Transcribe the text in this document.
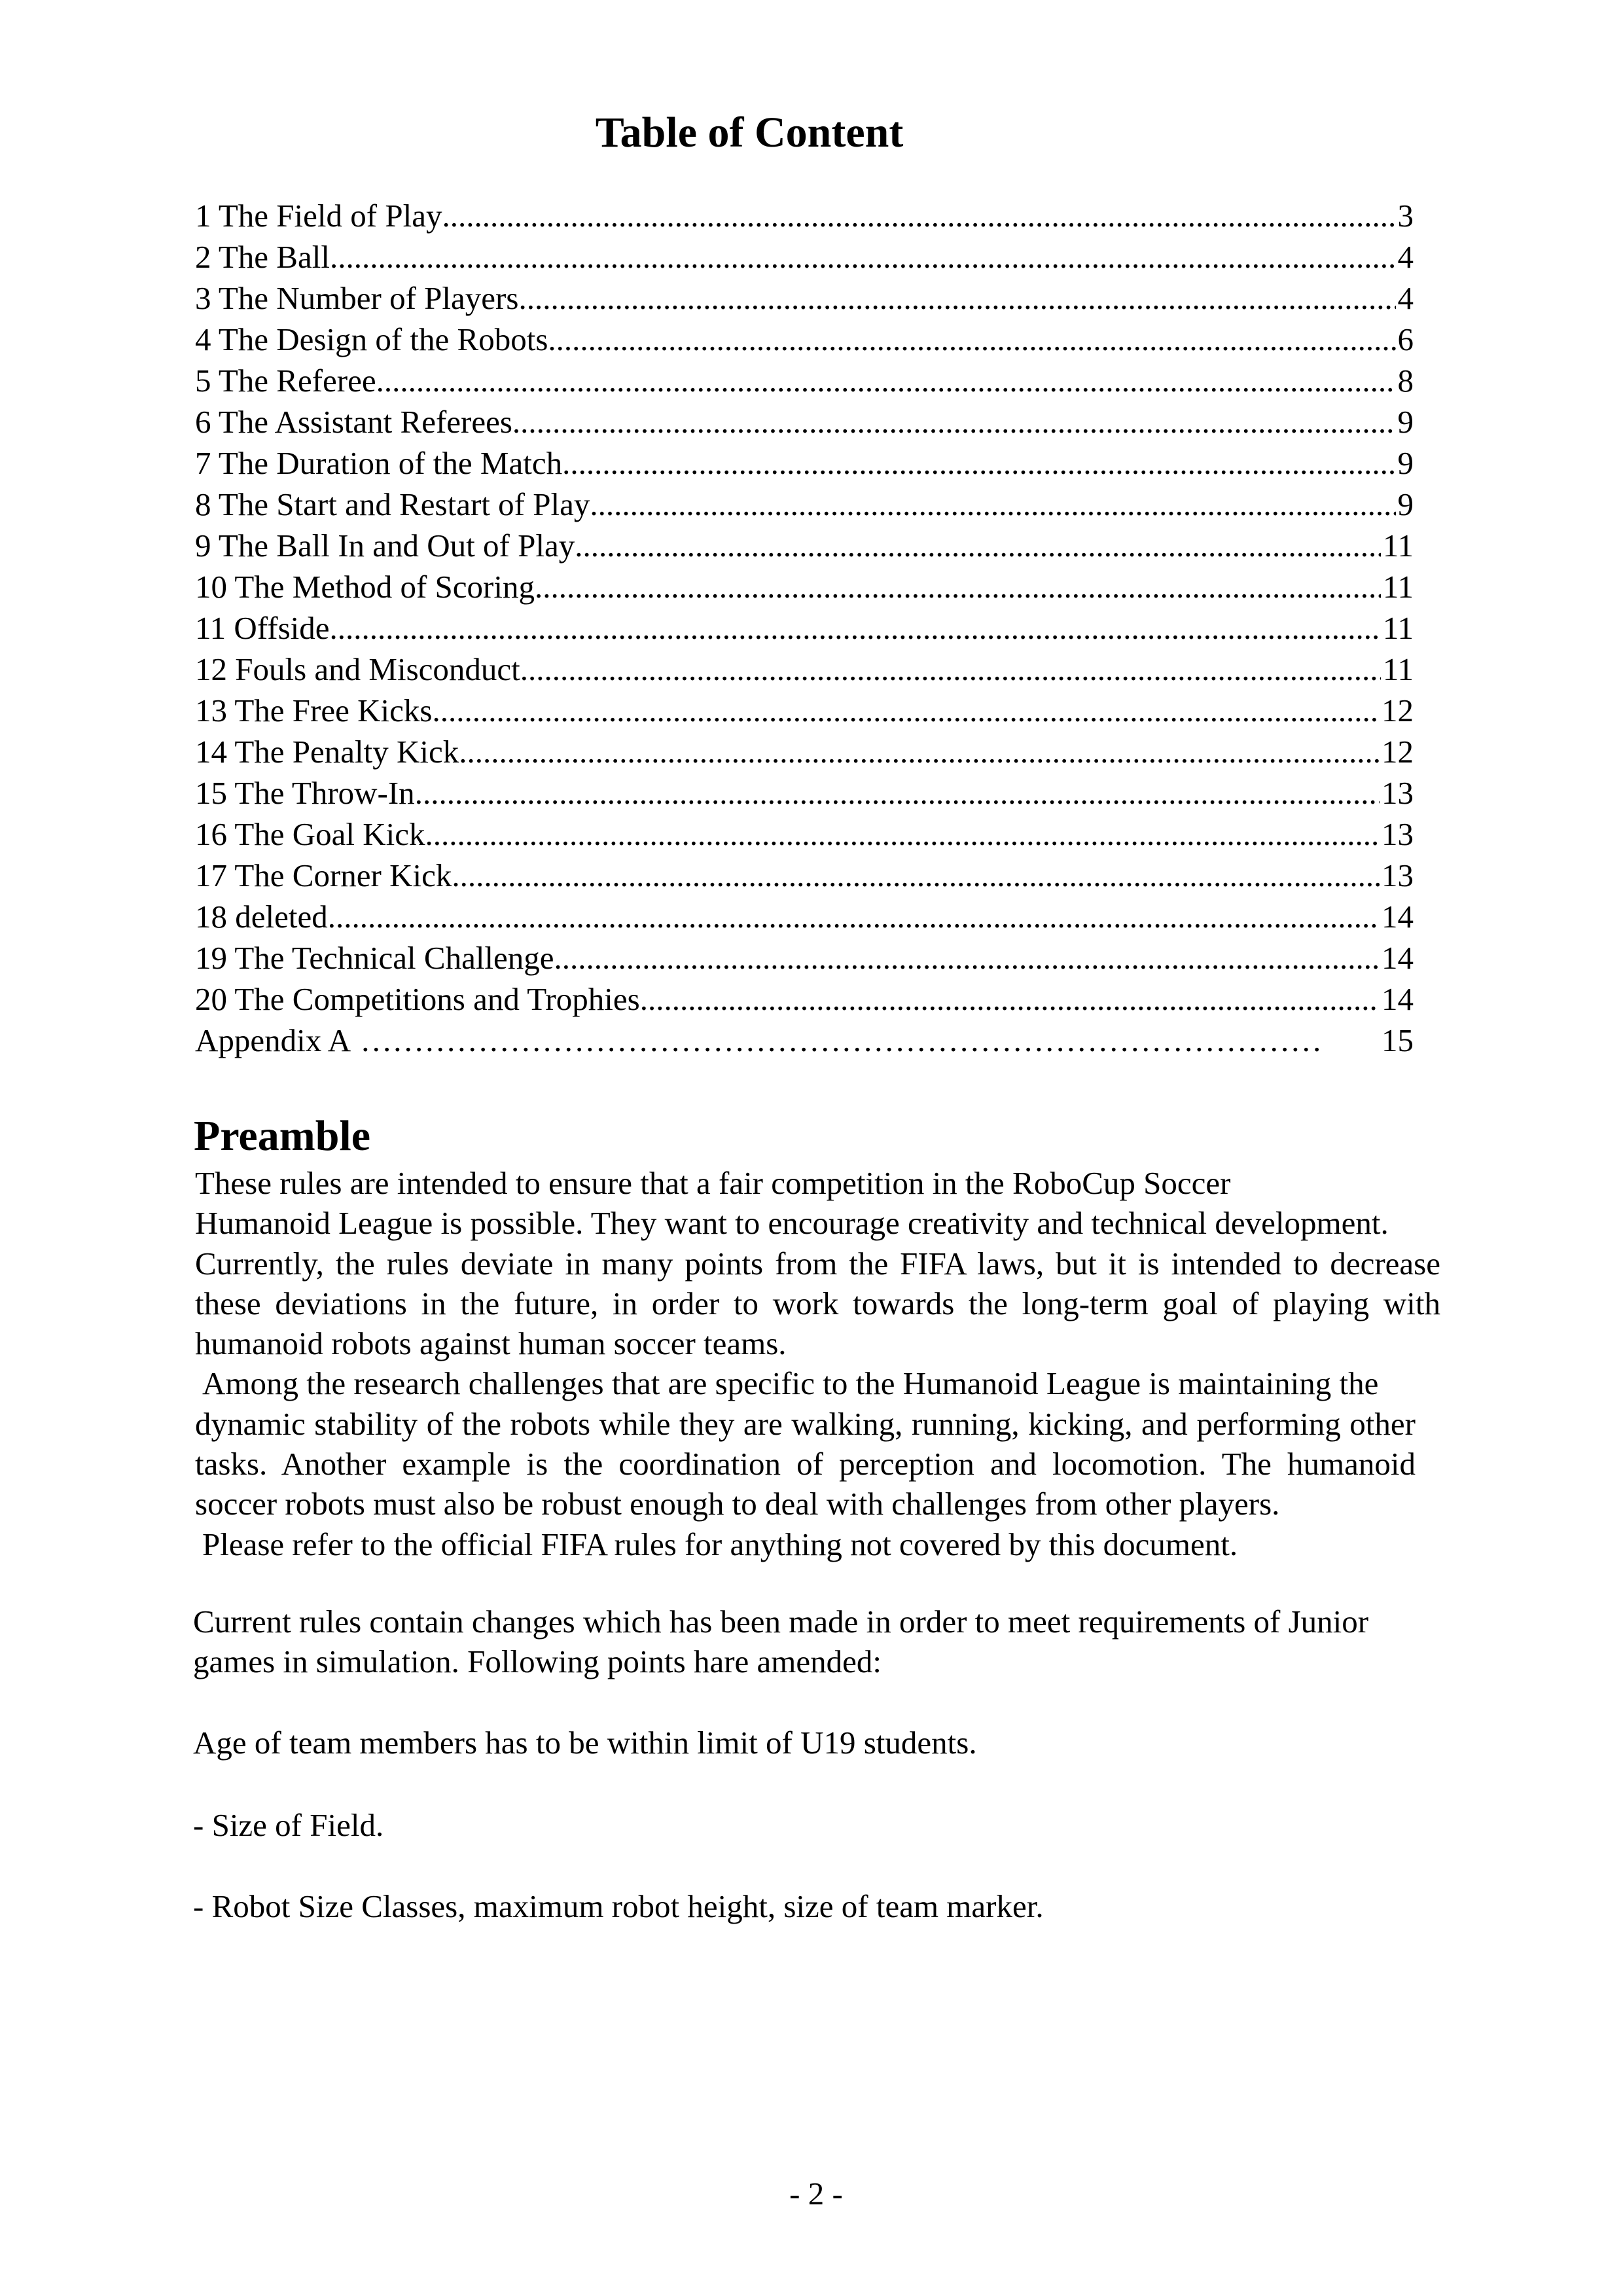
Table of Content
1 The Field of Play .....	3
2 The Ball .....	4
3 The Number of Players .....	4
4 The Design of the Robots .....	6
5 The Referee .....	8
6 The Assistant Referees .....	9
7 The Duration of the Match .....	9
8 The Start and Restart of Play .....	9
9 The Ball In and Out of Play .....	11
10 The Method of Scoring .....	11
11 Offside .....	11
12 Fouls and Misconduct .....	11
13 The Free Kicks .....	12
14 The Penalty Kick .....	12
15 The Throw-In .....	13
16 The Goal Kick .....	13
17 The Corner Kick .....	13
18 deleted .....	14
19 The Technical Challenge .....	14
20 The Competitions and Trophies .....	14
Appendix A ………………………………………………………………………………	15
Preamble
These rules are intended to ensure that a fair competition in the RoboCup Soccer
Humanoid League is possible. They want to encourage creativity and technical development.
Currently, the rules deviate in many points from the FIFA laws, but it is intended to decrease
these deviations in the future, in order to work towards the long-term goal of playing with
humanoid robots against human soccer teams.
Among the research challenges that are specific to the Humanoid League is maintaining the
dynamic stability of the robots while they are walking, running, kicking, and performing other
tasks. Another example is the coordination of perception and locomotion. The humanoid
soccer robots must also be robust enough to deal with challenges from other players.
Please refer to the official FIFA rules for anything not covered by this document.
Current rules contain changes which has been made in order to meet requirements of Junior
games in simulation. Following points hare amended:
Age of team members has to be within limit of U19 students.
- Size of Field.
- Robot Size Classes, maximum robot height, size of team marker.
- 2 -
